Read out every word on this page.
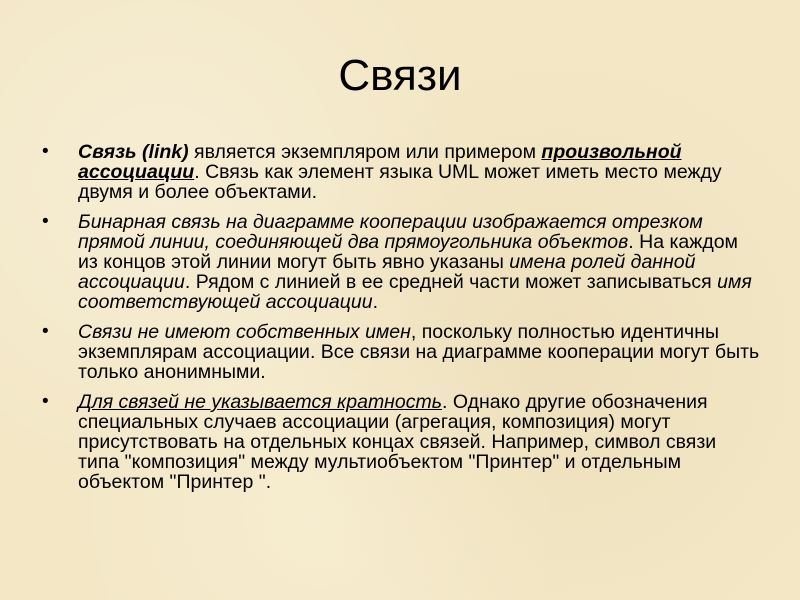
Связи
• Связь (link) является экземпляром или примером произвольной ассоциации. Связь как элемент языка UML может иметь место между двумя и более объектами.
• Бинарная связь на диаграмме кооперации изображается отрезком прямой линии, соединяющей два прямоугольника объектов. На каждом из концов этой линии могут быть явно указаны имена ролей данной ассоциации. Рядом с линией в ее средней части может записываться имя соответствующей ассоциации.
• Связи не имеют собственных имен, поскольку полностью идентичны экземплярам ассоциации. Все связи на диаграмме кооперации могут быть только анонимными.
• Для связей не указывается кратность. Однако другие обозначения специальных случаев ассоциации (агрегация, композиция) могут присутствовать на отдельных концах связей. Например, символ связи типа "композиция" между мультиобъектом "Принтер" и отдельным объектом "Принтер ".
